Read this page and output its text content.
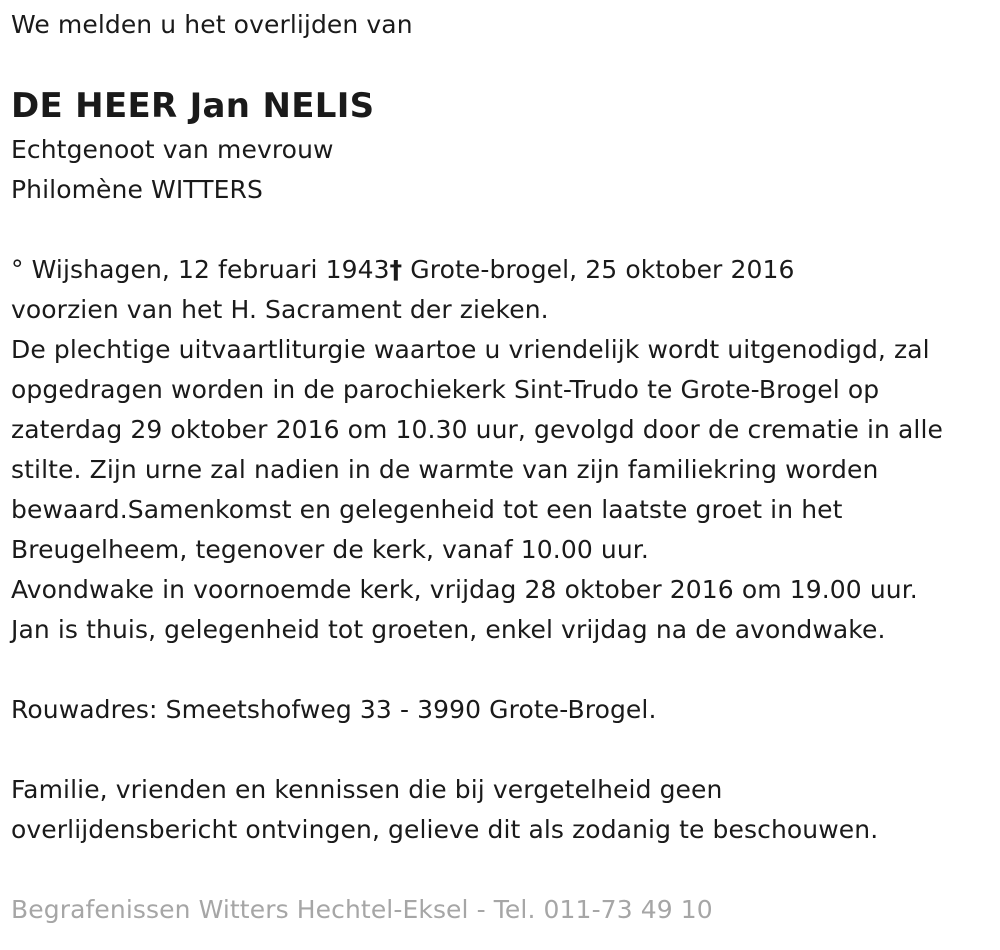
We melden u het overlijden van
DE HEER Jan NELIS
Echtgenoot van mevrouw
Philomène WITTERS
° Wijshagen, 12 februari 1943† Grote-brogel, 25 oktober 2016
voorzien van het H. Sacrament der zieken.
De plechtige uitvaartliturgie waartoe u vriendelijk wordt uitgenodigd, zal
opgedragen worden in de parochiekerk Sint-Trudo te Grote-Brogel op
zaterdag 29 oktober 2016 om 10.30 uur, gevolgd door de crematie in alle
stilte. Zijn urne zal nadien in de warmte van zijn familiekring worden
bewaard.Samenkomst en gelegenheid tot een laatste groet in het
Breugelheem, tegenover de kerk, vanaf 10.00 uur.
Avondwake in voornoemde kerk, vrijdag 28 oktober 2016 om 19.00 uur.
Jan is thuis, gelegenheid tot groeten, enkel vrijdag na de avondwake.
Rouwadres: Smeetshofweg 33 - 3990 Grote-Brogel.
Familie, vrienden en kennissen die bij vergetelheid geen
overlijdensbericht ontvingen, gelieve dit als zodanig te beschouwen.
Begrafenissen Witters Hechtel-Eksel - Tel. 011-73 49 10
